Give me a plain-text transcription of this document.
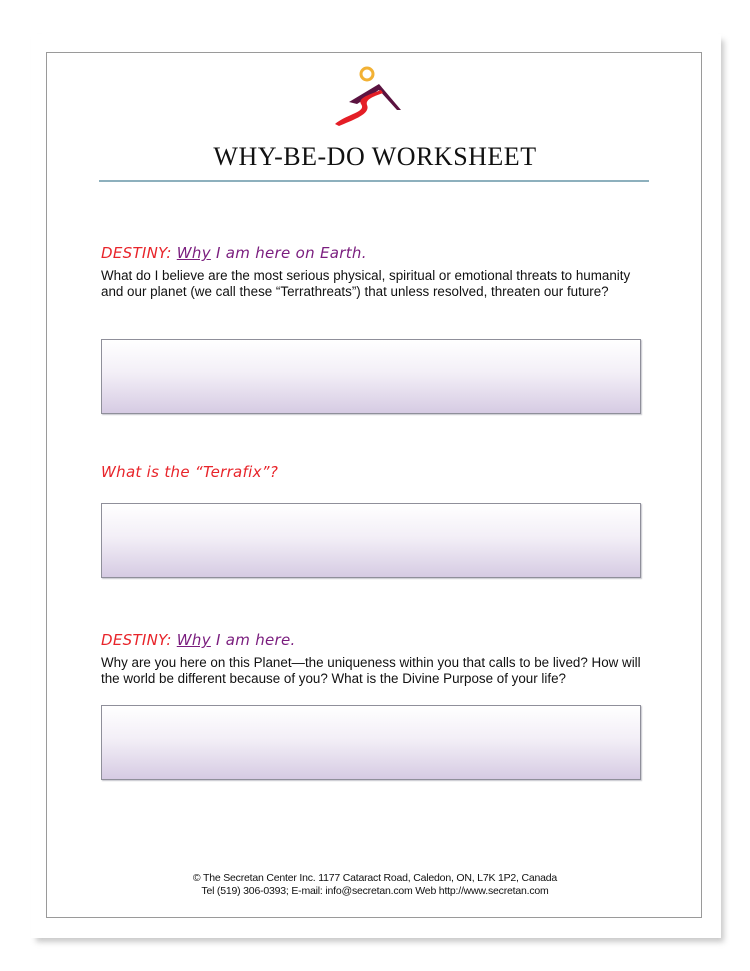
WHY-BE-DO WORKSHEET
DESTINY: Why I am here on Earth.
What do I believe are the most serious physical, spiritual or emotional threats to humanity and our planet (we call these “Terrathreats”) that unless resolved, threaten our future?
What is the “Terrafix”?
DESTINY: Why I am here.
Why are you here on this Planet—the uniqueness within you that calls to be lived? How will the world be different because of you? What is the Divine Purpose of your life?
© The Secretan Center Inc. 1177 Cataract Road, Caledon, ON, L7K 1P2, Canada
Tel (519) 306-0393; E-mail: info@secretan.com Web http://www.secretan.com
